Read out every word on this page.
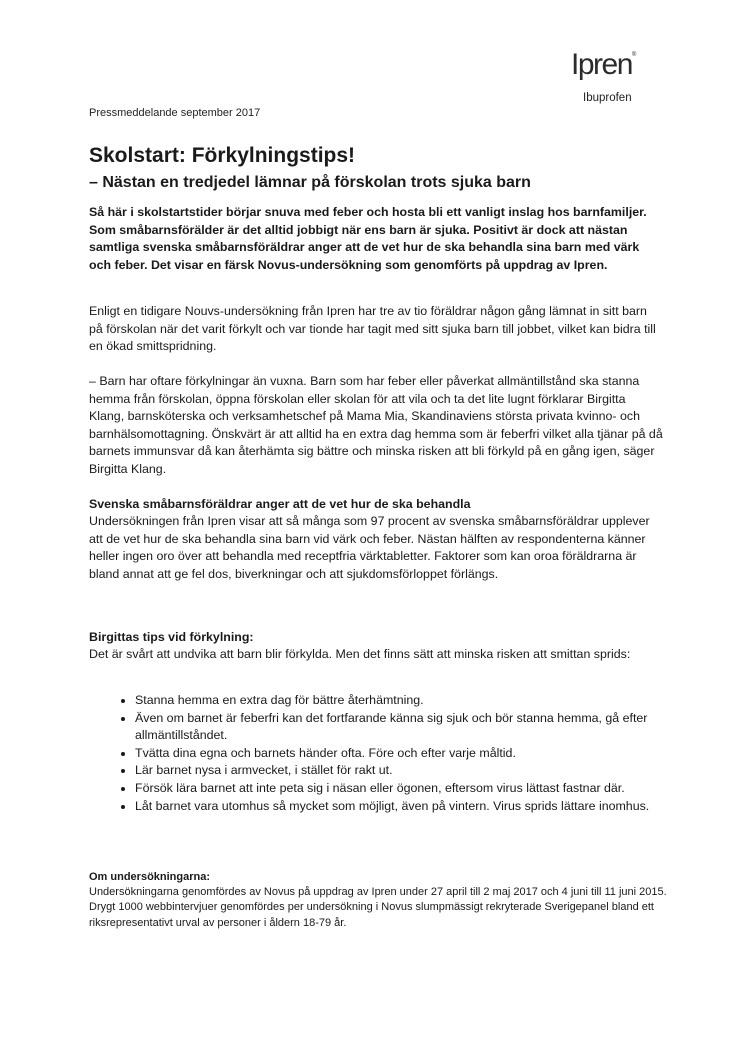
Ipren®
Ibuprofen
Pressmeddelande september 2017
Skolstart: Förkylningstips!
– Nästan en tredjedel lämnar på förskolan trots sjuka barn

Så här i skolstartstider börjar snuva med feber och hosta bli ett vanligt inslag hos barnfamiljer. Som småbarnsförälder är det alltid jobbigt när ens barn är sjuka. Positivt är dock att nästan samtliga svenska småbarnsföräldrar anger att de vet hur de ska behandla sina barn med värk och feber. Det visar en färsk Novus-undersökning som genomförts på uppdrag av Ipren.

Enligt en tidigare Nouvs-undersökning från Ipren har tre av tio föräldrar någon gång lämnat in sitt barn på förskolan när det varit förkylt och var tionde har tagit med sitt sjuka barn till jobbet, vilket kan bidra till en ökad smittspridning.

– Barn har oftare förkylningar än vuxna. Barn som har feber eller påverkat allmäntillstånd ska stanna hemma från förskolan, öppna förskolan eller skolan för att vila och ta det lite lugnt förklarar Birgitta Klang, barnsköterska och verksamhetschef på Mama Mia, Skandinaviens största privata kvinno- och barnhälsomottagning. Önskvärt är att alltid ha en extra dag hemma som är feberfri vilket alla tjänar på då barnets immunsvar då kan återhämta sig bättre och minska risken att bli förkyld på en gång igen, säger Birgitta Klang.

Svenska småbarnsföräldrar anger att de vet hur de ska behandla

Undersökningen från Ipren visar att så många som 97 procent av svenska småbarnsföräldrar upplever att de vet hur de ska behandla sina barn vid värk och feber. Nästan hälften av respondenterna känner heller ingen oro över att behandla med receptfria värktabletter. Faktorer som kan oroa föräldrarna är bland annat att ge fel dos, biverkningar och att sjukdomsförloppet förlängs.

Birgittas tips vid förkylning:

Det är svårt att undvika att barn blir förkylda. Men det finns sätt att minska risken att smittan sprids:

• Stanna hemma en extra dag för bättre återhämtning.
• Även om barnet är feberfri kan det fortfarande känna sig sjuk och bör stanna hemma, gå efter allmäntillståndet.
• Tvätta dina egna och barnets händer ofta. Före och efter varje måltid.
• Lär barnet nysa i armvecket, i stället för rakt ut.
• Försök lära barnet att inte peta sig i näsan eller ögonen, eftersom virus lättast fastnar där.
• Låt barnet vara utomhus så mycket som möjligt, även på vintern. Virus sprids lättare inomhus.

Om undersökningarna:

Undersökningarna genomfördes av Novus på uppdrag av Ipren under 27 april till 2 maj 2017 och 4 juni till 11 juni 2015. Drygt 1000 webbintervjuer genomfördes per undersökning i Novus slumpmässigt rekryterade Sverigepanel bland ett riksrepresentativt urval av personer i åldern 18-79 år.
